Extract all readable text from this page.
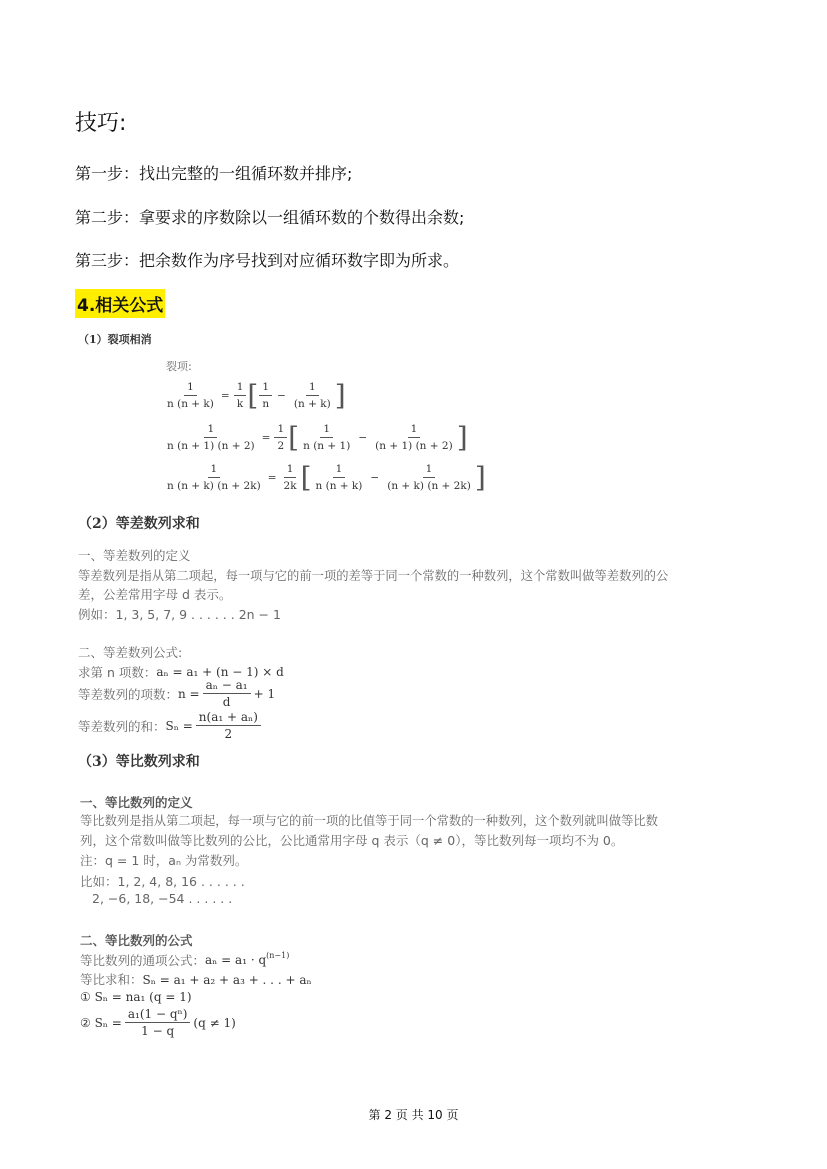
技巧:
第一步：找出完整的一组循环数并排序;
第二步：拿要求的序数除以一组循环数的个数得出余数;
第三步：把余数作为序号找到对应循环数字即为所求。
4.相关公式
（1）裂项相消
裂项:
$\frac{1}{n (n + k)} = \frac{1}{k}$ [ $\frac{1}{n} - \frac{1}{(n + k)}$ ]
$\frac{1}{n (n + 1) (n + 2)} = \frac{1}{2}$ [ $\frac{1}{n (n + 1)} - \frac{1}{(n + 1) (n + 2)}$ ]
$\frac{1}{n (n + k) (n + 2k)} = \frac{1}{2k}$ [ $\frac{1}{n (n + k)} - \frac{1}{(n + k) (n + 2k)}$ ]
（2）等差数列求和
一、等差数列的定义
等差数列是指从第二项起，每一项与它的前一项的差等于同一个常数的一种数列，这个常数叫做等差数列的公
差，公差常用字母 d 表示。
例如：1, 3, 5, 7, 9 . . . . . . 2n − 1
二、等差数列公式:
求第 n 项数： aₙ = a₁ + (n − 1) × d
等差数列的项数： $n = \frac{\text{aₙ − a₁}}{d} + 1$
等差数列的和： $S_n = \frac{\text{n(a₁ + aₙ)}}{2}$
（3）等比数列求和
一、等比数列的定义
等比数列是指从第二项起，每一项与它的前一项的比值等于同一个常数的一种数列，这个数列就叫做等比数
列，这个常数叫做等比数列的公比，公比通常用字母 q 表示（q ≠ 0），等比数列每一项均不为 0。
注：q = 1 时，aₙ 为常数列。
比如：1, 2, 4, 8, 16 . . . . . .
2, −6, 18, −54 . . . . . .
二、等比数列的公式
等比数列的通项公式： $a_n = a_1 \cdot q^{(n-1)}$
等比求和：Sₙ = a₁ + a₂ + a₃ + . . . + aₙ
① Sₙ = na₁ (q = 1)
② $S_n = \frac{\text{a₁(1 − qⁿ)}}{1 - q} (q \ne 1)$
第 2 页 共 10 页
